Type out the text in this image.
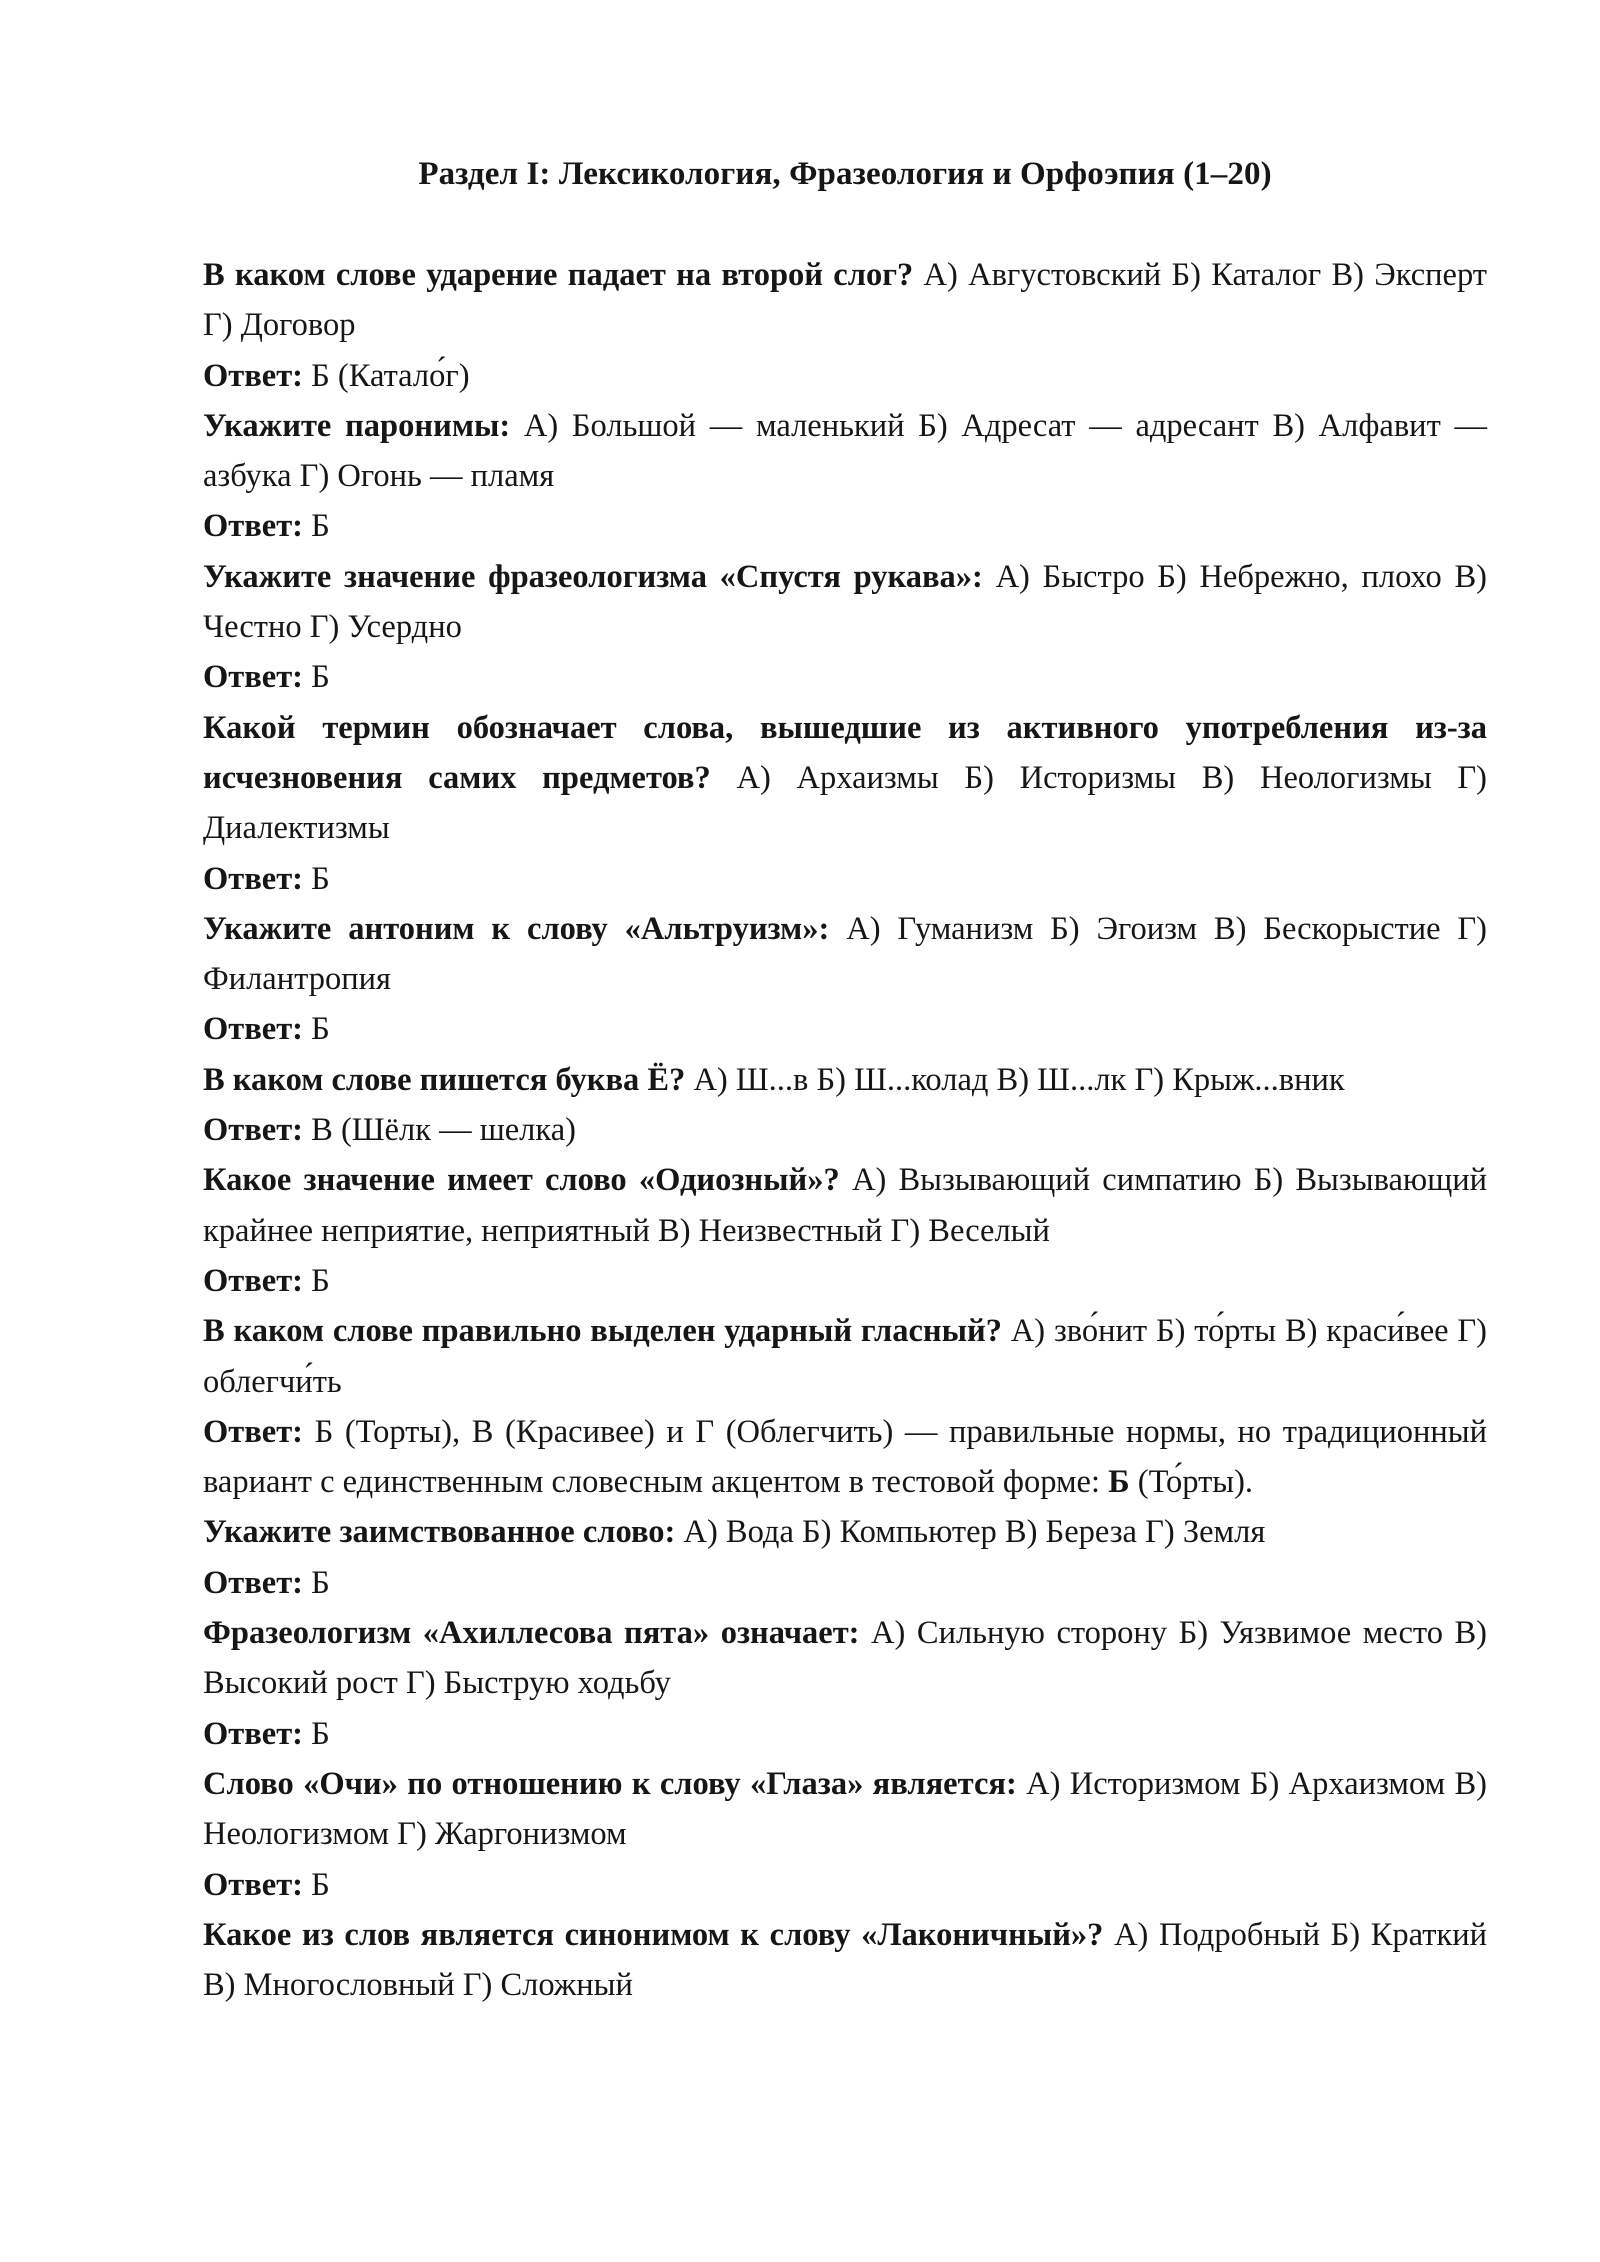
Раздел I: Лексикология, Фразеология и Орфоэпия (1–20)

В каком слове ударение падает на второй слог? А) Августовский Б) Каталог В) Эксперт Г) Договор

Ответ: Б (Катало́г)

Укажите паронимы: А) Большой — маленький Б) Адресат — адресант В) Алфавит — азбука Г) Огонь — пламя

Ответ: Б

Укажите значение фразеологизма «Спустя рукава»: А) Быстро Б) Небрежно, плохо В) Честно Г) Усердно

Ответ: Б

Какой термин обозначает слова, вышедшие из активного употребления из-за исчезновения самих предметов? А) Архаизмы Б) Историзмы В) Неологизмы Г) Диалектизмы

Ответ: Б

Укажите антоним к слову «Альтруизм»: А) Гуманизм Б) Эгоизм В) Бескорыстие Г) Филантропия

Ответ: Б

В каком слове пишется буква Ё? А) Ш...в Б) Ш...колад В) Ш...лк Г) Крыж...вник

Ответ: В (Шёлк — шелка)

Какое значение имеет слово «Одиозный»? А) Вызывающий симпатию Б) Вызывающий крайнее неприятие, неприятный В) Неизвестный Г) Веселый

Ответ: Б

В каком слове правильно выделен ударный гласный? А) зво́нит Б) то́рты В) краси́вее Г) облегчи́ть

Ответ: Б (Торты), В (Красивее) и Г (Облегчить) — правильные нормы, но традиционный вариант с единственным словесным акцентом в тестовой форме: Б (То́рты).

Укажите заимствованное слово: А) Вода Б) Компьютер В) Береза Г) Земля

Ответ: Б

Фразеологизм «Ахиллесова пята» означает: А) Сильную сторону Б) Уязвимое место В) Высокий рост Г) Быструю ходьбу

Ответ: Б

Слово «Очи» по отношению к слову «Глаза» является: А) Историзмом Б) Архаизмом В) Неологизмом Г) Жаргонизмом

Ответ: Б

Какое из слов является синонимом к слову «Лаконичный»? А) Подробный Б) Краткий В) Многословный Г) Сложный
